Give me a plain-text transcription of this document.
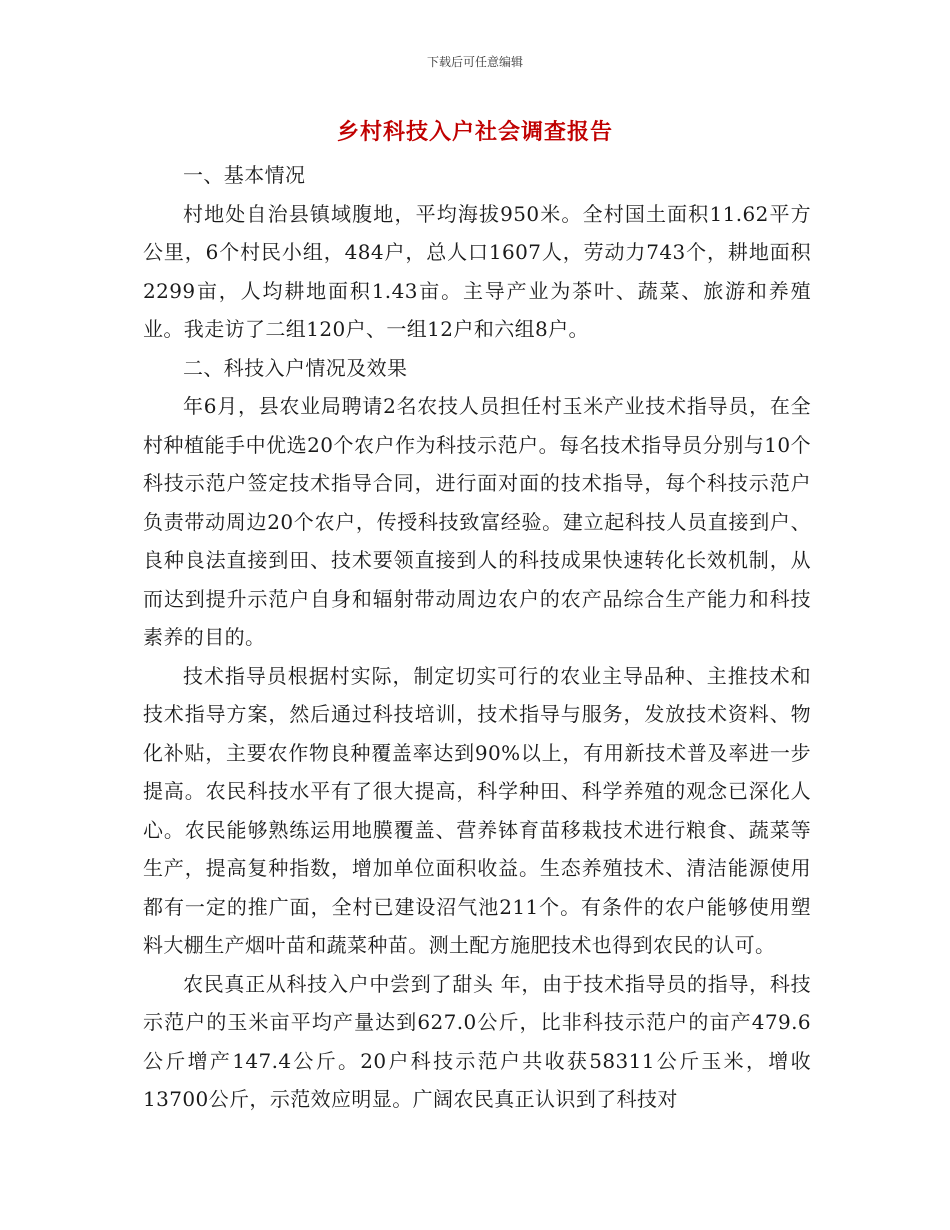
下载后可任意编辑
乡村科技入户社会调查报告

一、基本情况

村地处自治县镇域腹地，平均海拔950米。全村国土面积11.62平方公里，6个村民小组，484户，总人口1607人，劳动力743个，耕地面积2299亩，人均耕地面积1.43亩。主导产业为茶叶、蔬菜、旅游和养殖业。我走访了二组120户、一组12户和六组8户。

二、科技入户情况及效果

年6月，县农业局聘请2名农技人员担任村玉米产业技术指导员，在全村种植能手中优选20个农户作为科技示范户。每名技术指导员分别与10个科技示范户签定技术指导合同，进行面对面的技术指导，每个科技示范户负责带动周边20个农户，传授科技致富经验。建立起科技人员直接到户、良种良法直接到田、技术要领直接到人的科技成果快速转化长效机制，从而达到提升示范户自身和辐射带动周边农户的农产品综合生产能力和科技素养的目的。

技术指导员根据村实际，制定切实可行的农业主导品种、主推技术和技术指导方案，然后通过科技培训，技术指导与服务，发放技术资料、物化补贴，主要农作物良种覆盖率达到90%以上，有用新技术普及率进一步提高。农民科技水平有了很大提高，科学种田、科学养殖的观念已深化人心。农民能够熟练运用地膜覆盖、营养钵育苗移栽技术进行粮食、蔬菜等生产，提高复种指数，增加单位面积收益。生态养殖技术、清洁能源使用都有一定的推广面，全村已建设沼气池211个。有条件的农户能够使用塑料大棚生产烟叶苗和蔬菜种苗。测土配方施肥技术也得到农民的认可。

农民真正从科技入户中尝到了甜头 年，由于技术指导员的指导，科技示范户的玉米亩平均产量达到627.0公斤，比非科技示范户的亩产479.6公斤增产147.4公斤。20户科技示范户共收获58311公斤玉米，增收13700公斤，示范效应明显。广阔农民真正认识到了科技对
